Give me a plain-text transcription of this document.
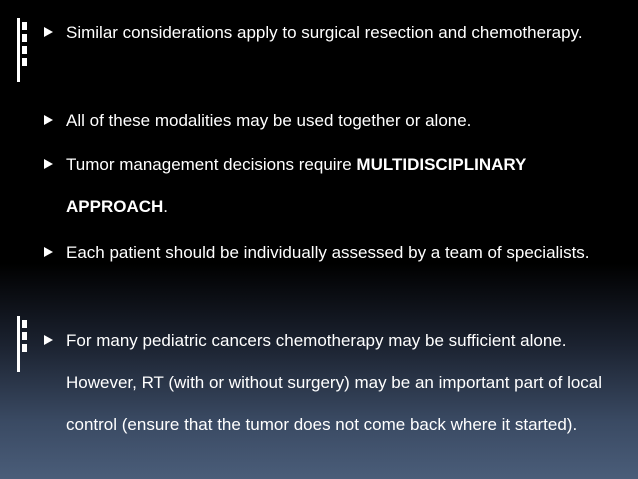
Similar considerations apply to surgical resection and chemotherapy.
All of these modalities may be used together or alone.
Tumor management decisions require MULTIDISCIPLINARY APPROACH.
Each patient should be individually assessed by a team of specialists.
For many pediatric cancers chemotherapy may be sufficient alone. However, RT (with or without surgery) may be an important part of local control (ensure that the tumor does not come back where it started).
